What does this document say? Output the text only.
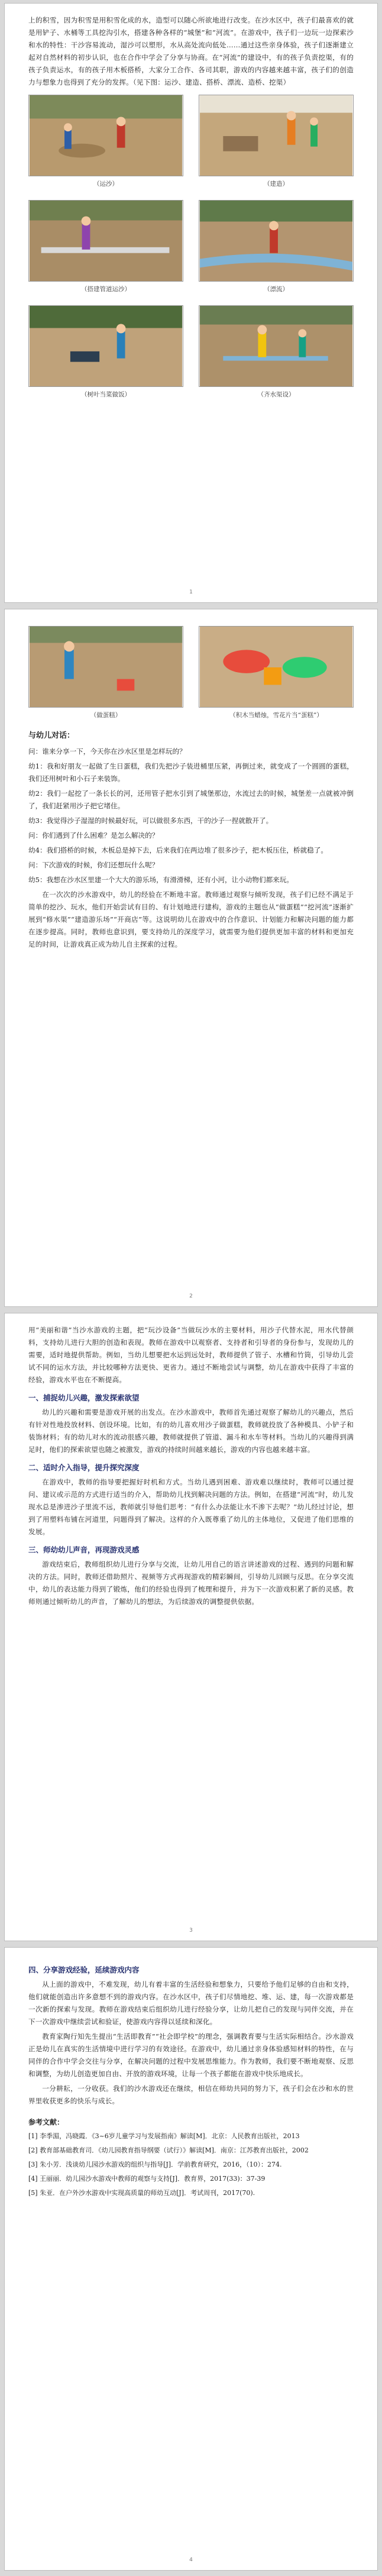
上的积雪，因为积雪是用积雪化成的水，造型可以随心所欲地进行改变。在沙水区中，孩子们最喜欢的就是用铲子、水桶等工具挖沟引水，搭建各种各样的“城堡”和“河流”。在游戏中，孩子们一边玩一边探索沙和水的特性：干沙容易流动，湿沙可以塑形，水从高处流向低处……通过这些亲身体验，孩子们逐渐建立起对自然材料的初步认识，也在合作中学会了分享与协商。在“河流”的建设中，有的孩子负责挖渠，有的孩子负责运水，有的孩子用木板搭桥，大家分工合作、各司其职，游戏的内容越来越丰富，孩子们的创造力与想象力也得到了充分的发挥。（见下图：运沙、建造、搭桥、漂流、造桥、挖渠）

（运沙）	（建造）
（搭建管道运沙）	（漂流）
（树叶当菜做饭）	（齐水渠设）
1
（做蛋糕）	（积木当蜡烛，雪花片当“蛋糕”）
与幼儿对话：

问：谁来分享一下，今天你在沙水区里是怎样玩的？

幼1：我和好朋友一起做了生日蛋糕，我们先把沙子装进桶里压紧，再倒过来，就变成了一个圆圆的蛋糕，我们还用树叶和小石子来装饰。

幼2：我们一起挖了一条长长的河，还用管子把水引到了城堡那边，水流过去的时候，城堡差一点就被冲倒了，我们赶紧用沙子把它堵住。

幼3：我觉得沙子湿湿的时候最好玩，可以做很多东西，干的沙子一捏就散开了。

问：你们遇到了什么困难？是怎么解决的？

幼4：我们搭桥的时候，木板总是掉下去，后来我们在两边堆了很多沙子，把木板压住，桥就稳了。

问：下次游戏的时候，你们还想玩什么呢？

幼5：我想在沙水区里建一个大大的游乐场，有滑滑梯，还有小河，让小动物们都来玩。

在一次次的沙水游戏中，幼儿的经验在不断地丰富。教师通过观察与倾听发现，孩子们已经不满足于简单的挖沙、玩水，他们开始尝试有目的、有计划地进行建构，游戏的主题也从“做蛋糕”“挖河流”逐渐扩展到“修水渠”“建造游乐场”“开商店”等。这说明幼儿在游戏中的合作意识、计划能力和解决问题的能力都在逐步提高。同时，教师也意识到，要支持幼儿的深度学习，就需要为他们提供更加丰富的材料和更加充足的时间，让游戏真正成为幼儿自主探索的过程。

2

用“美丽和谐”当沙水游戏的主题，把“玩沙设备”当做玩沙水的主要材料，用沙子代替水泥，用水代替颜料，支持幼儿进行大胆的创造和表现。教师在游戏中以观察者、支持者和引导者的身份参与，发现幼儿的需要，适时地提供帮助。例如，当幼儿想要把水运到远处时，教师提供了管子、水槽和竹筒，引导幼儿尝试不同的运水方法，并比较哪种方法更快、更省力。通过不断地尝试与调整，幼儿在游戏中获得了丰富的经验，游戏水平也在不断提高。

一、捕捉幼儿兴趣，激发探索欲望

幼儿的兴趣和需要是游戏开展的出发点。在沙水游戏中，教师首先通过观察了解幼儿的兴趣点，然后有针对性地投放材料、创设环境。比如，有的幼儿喜欢用沙子做蛋糕，教师就投放了各种模具、小铲子和装饰材料；有的幼儿对水的流动很感兴趣，教师就提供了管道、漏斗和水车等材料。当幼儿的兴趣得到满足时，他们的探索欲望也随之被激发，游戏的持续时间越来越长，游戏的内容也越来越丰富。

二、适时介入指导，提升探究深度

在游戏中，教师的指导要把握好时机和方式。当幼儿遇到困难、游戏难以继续时，教师可以通过提问、建议或示范的方式进行适当的介入，帮助幼儿找到解决问题的方法。例如，在搭建“河流”时，幼儿发现水总是渗进沙子里流不远，教师就引导他们思考：“有什么办法能让水不渗下去呢？”幼儿经过讨论，想到了用塑料布铺在河道里，问题得到了解决。这样的介入既尊重了幼儿的主体地位，又促进了他们思维的发展。

三、师幼幼儿声音，再现游戏灵感

游戏结束后，教师组织幼儿进行分享与交流，让幼儿用自己的语言讲述游戏的过程、遇到的问题和解决的方法。同时，教师还借助照片、视频等方式再现游戏的精彩瞬间，引导幼儿回顾与反思。在分享交流中，幼儿的表达能力得到了锻炼，他们的经验也得到了梳理和提升，并为下一次游戏积累了新的灵感。教师则通过倾听幼儿的声音，了解幼儿的想法，为后续游戏的调整提供依据。

3
四、分享游戏经验，延续游戏内容

从上面的游戏中，不难发现，幼儿有着丰富的生活经验和想象力，只要给予他们足够的自由和支持，他们就能创造出许多意想不到的游戏内容。在沙水区中，孩子们尽情地挖、堆、运、建，每一次游戏都是一次新的探索与发现。教师在游戏结束后组织幼儿进行经验分享，让幼儿把自己的发现与同伴交流，并在下一次游戏中继续尝试和验证，使游戏内容得以延续和深化。

教育家陶行知先生提出“生活即教育”“社会即学校”的理念，强调教育要与生活实际相结合。沙水游戏正是幼儿在真实的生活情境中进行学习的有效途径。在游戏中，幼儿通过亲身体验感知材料的特性，在与同伴的合作中学会交往与分享，在解决问题的过程中发展思维能力。作为教师，我们要不断地观察、反思和调整，为幼儿创造更加自由、开放的游戏环境，让每一个孩子都能在游戏中快乐地成长。

一分耕耘，一分收获。我们的沙水游戏还在继续，相信在师幼共同的努力下，孩子们会在沙和水的世界里收获更多的快乐与成长。

参考文献：

[1] 李季湄，冯晓霞．《3~6岁儿童学习与发展指南》解读[M]．北京：人民教育出版社，2013

[2] 教育部基础教育司．《幼儿园教育指导纲要（试行）》解读[M]．南京：江苏教育出版社，2002

[3] 朱小芳．浅谈幼儿园沙水游戏的组织与指导[J]．学前教育研究，2016，（10）：274.

[4] 王丽丽．幼儿园沙水游戏中教师的观察与支持[J]．教育界，2017(33)：37-39

[5] 朱亚．在户外沙水游戏中实现高质量的师幼互动[J]．考试周刊，2017(70).

4
